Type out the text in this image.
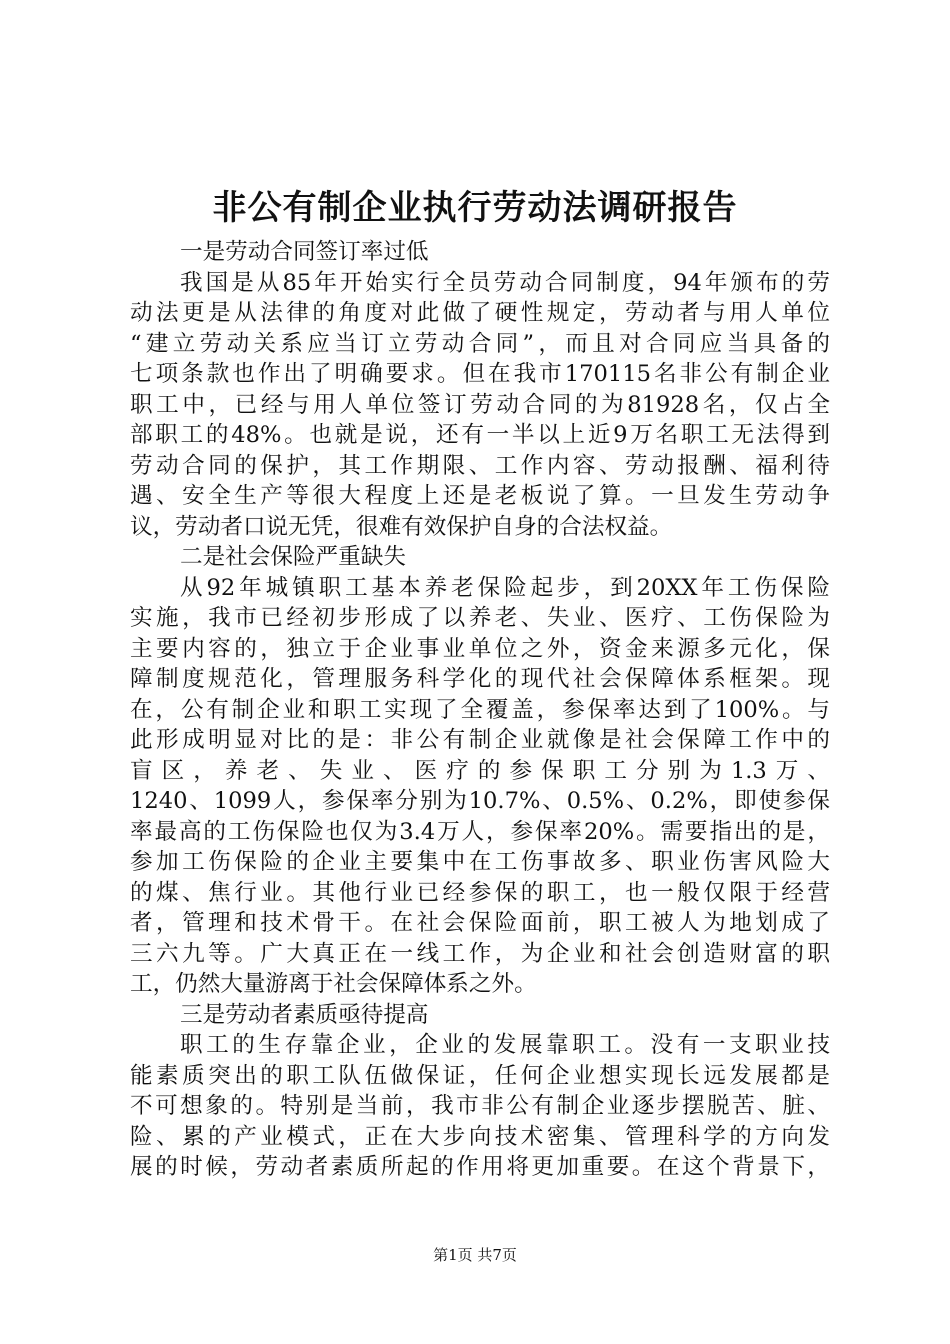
非公有制企业执行劳动法调研报告
一是劳动合同签订率过低
我国是从85年开始实行全员劳动合同制度，94年颁布的劳
动法更是从法律的角度对此做了硬性规定，劳动者与用人单位
“建立劳动关系应当订立劳动合同”，而且对合同应当具备的
七项条款也作出了明确要求。但在我市170115名非公有制企业
职工中，已经与用人单位签订劳动合同的为81928名，仅占全
部职工的48%。也就是说，还有一半以上近9万名职工无法得到
劳动合同的保护，其工作期限、工作内容、劳动报酬、福利待
遇、安全生产等很大程度上还是老板说了算。一旦发生劳动争
议，劳动者口说无凭，很难有效保护自身的合法权益。
二是社会保险严重缺失
从92年城镇职工基本养老保险起步，到20XX年工伤保险
实施，我市已经初步形成了以养老、失业、医疗、工伤保险为
主要内容的，独立于企业事业单位之外，资金来源多元化，保
障制度规范化，管理服务科学化的现代社会保障体系框架。现
在，公有制企业和职工实现了全覆盖，参保率达到了100%。与
此形成明显对比的是：非公有制企业就像是社会保障工作中的
盲区，养老、失业、医疗的参保职工分别为1.3万、
1240、1099人，参保率分别为10.7%、0.5%、0.2%，即使参保
率最高的工伤保险也仅为3.4万人，参保率20%。需要指出的是，
参加工伤保险的企业主要集中在工伤事故多、职业伤害风险大
的煤、焦行业。其他行业已经参保的职工，也一般仅限于经营
者，管理和技术骨干。在社会保险面前，职工被人为地划成了
三六九等。广大真正在一线工作，为企业和社会创造财富的职
工，仍然大量游离于社会保障体系之外。
三是劳动者素质亟待提高
职工的生存靠企业，企业的发展靠职工。没有一支职业技
能素质突出的职工队伍做保证，任何企业想实现长远发展都是
不可想象的。特别是当前，我市非公有制企业逐步摆脱苦、脏、
险、累的产业模式，正在大步向技术密集、管理科学的方向发
展的时候，劳动者素质所起的作用将更加重要。在这个背景下，
第1页 共7页
